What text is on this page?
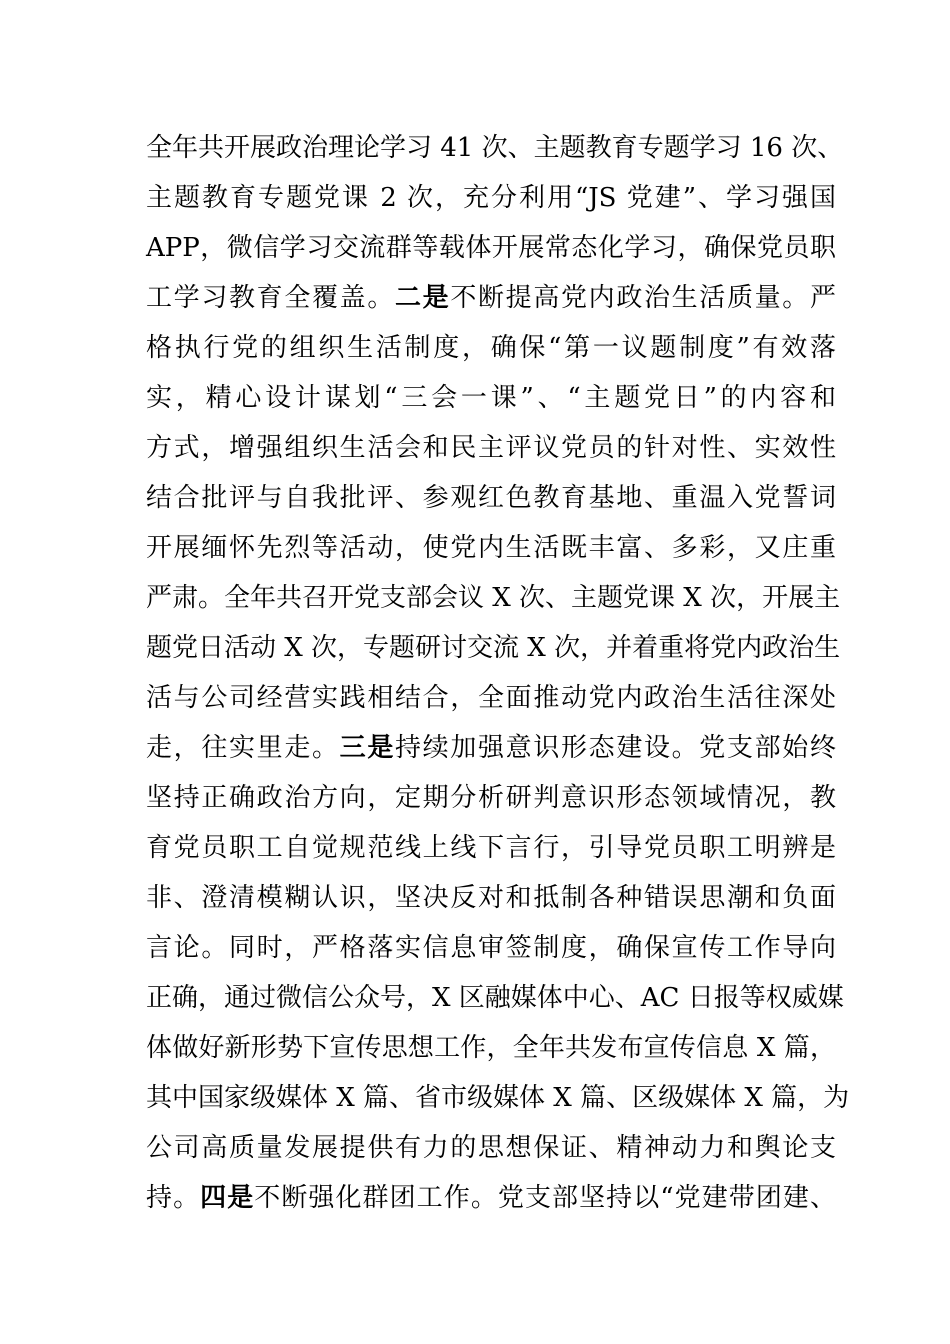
全年共开展政治理论学习 41 次、主题教育专题学习 16 次、
主题教育专题党课 2 次，充分利用“JS 党建”、学习强国
APP，微信学习交流群等载体开展常态化学习，确保党员职
工学习教育全覆盖。二是不断提高党内政治生活质量。严
格执行党的组织生活制度，确保“第一议题制度”有效落
实，精心设计谋划“三会一课”、“主题党日”的内容和
方式，增强组织生活会和民主评议党员的针对性、实效性
结合批评与自我批评、参观红色教育基地、重温入党誓词
开展缅怀先烈等活动，使党内生活既丰富、多彩，又庄重
严肃。全年共召开党支部会议 X 次、主题党课 X 次，开展主
题党日活动 X 次，专题研讨交流 X 次，并着重将党内政治生
活与公司经营实践相结合，全面推动党内政治生活往深处
走，往实里走。三是持续加强意识形态建设。党支部始终
坚持正确政治方向，定期分析研判意识形态领域情况，教
育党员职工自觉规范线上线下言行，引导党员职工明辨是
非、澄清模糊认识，坚决反对和抵制各种错误思潮和负面
言论。同时，严格落实信息审签制度，确保宣传工作导向
正确，通过微信公众号，X 区融媒体中心、AC 日报等权威媒
体做好新形势下宣传思想工作，全年共发布宣传信息 X 篇，
其中国家级媒体 X 篇、省市级媒体 X 篇、区级媒体 X 篇，为
公司高质量发展提供有力的思想保证、精神动力和舆论支
持。四是不断强化群团工作。党支部坚持以“党建带团建、
